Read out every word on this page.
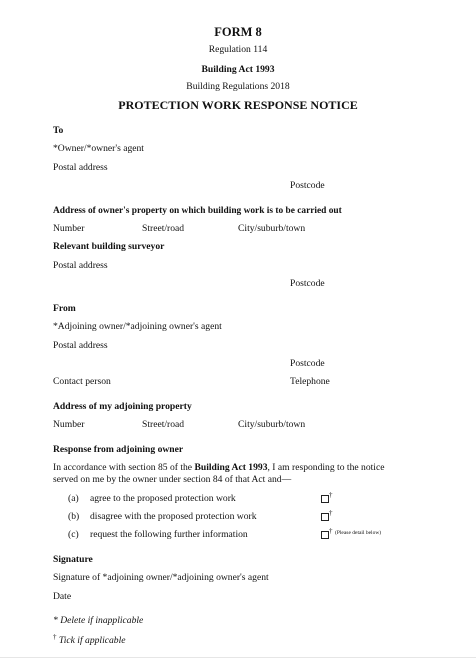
FORM 8
Regulation 114
Building Act 1993
Building Regulations 2018
PROTECTION WORK RESPONSE NOTICE
To
*Owner/*owner's agent
Postal address
Postcode
Address of owner's property on which building work is to be carried out
Number	Street/road	City/suburb/town
Relevant building surveyor
Postal address
Postcode
From
*Adjoining owner/*adjoining owner's agent
Postal address
Postcode
Contact person	Telephone
Address of my adjoining property
Number	Street/road	City/suburb/town
Response from adjoining owner
In accordance with section 85 of the Building Act 1993, I am responding to the notice
served on me by the owner under section 84 of that Act and—
(a) agree to the proposed protection work	†
(b) disagree with the proposed protection work	†
(c) request the following further information	† (Please detail below)
Signature
Signature of *adjoining owner/*adjoining owner's agent
Date
* Delete if inapplicable
† Tick if applicable
